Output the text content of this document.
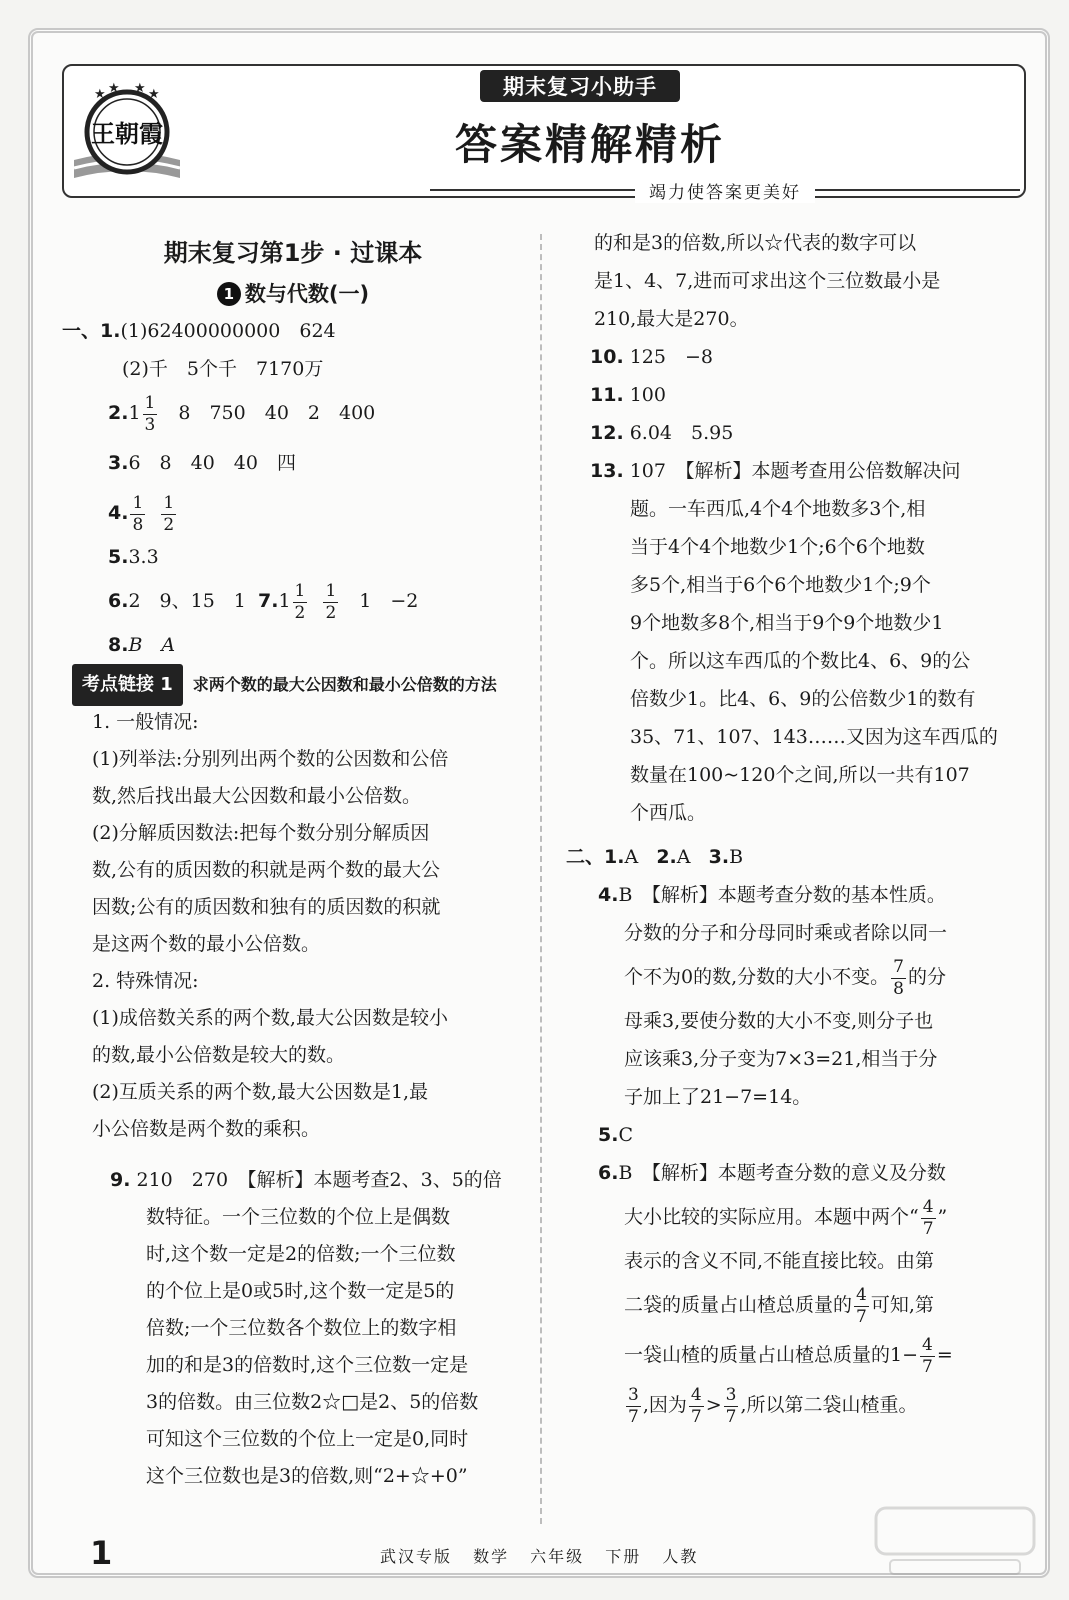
★ ★ ★ ★
王朝霞
期末复习小助手
答案精解精析
竭力使答案更美好
期末复习第1步 · 过课本
1 数与代数(一)
一、1.(1)62400000000　624
(2)千　5个千　7170万
$2.1 \frac{1}{3}$ 　8　750　40　2　400
3.6　8　40　40　四
4. $\frac{1}{8}$
$\frac{1}{2}$
5.3.3
6.2　9、15　1 $7.1 \frac{1}{2}$
$\frac{1}{2}$ 　1　−2
8.B　A
考点链接 1	求两个数的最大公因数和最小公倍数的方法
1. 一般情况:
(1)列举法:分别列出两个数的公因数和公倍
数,然后找出最大公因数和最小公倍数。
(2)分解质因数法:把每个数分别分解质因
数,公有的质因数的积就是两个数的最大公
因数;公有的质因数和独有的质因数的积就
是这两个数的最小公倍数。
2. 特殊情况:
(1)成倍数关系的两个数,最大公因数是较小
的数,最小公倍数是较大的数。
(2)互质关系的两个数,最大公因数是1,最
小公倍数是两个数的乘积。
9. 210　270　【解析】本题考查2、3、5的倍
数特征。一个三位数的个位上是偶数
时,这个数一定是2的倍数;一个三位数
的个位上是0或5时,这个数一定是5的
倍数;一个三位数各个数位上的数字相
加的和是3的倍数时,这个三位数一定是
3的倍数。由三位数2☆□是2、5的倍数
可知这个三位数的个位上一定是0,同时
这个三位数也是3的倍数,则“2+☆+0”
的和是3的倍数,所以☆代表的数字可以
是1、4、7,进而可求出这个三位数最小是
210,最大是270。
10. 125　−8
11. 100
12. 6.04　5.95
13. 107　【解析】本题考查用公倍数解决问
题。一车西瓜,4个4个地数多3个,相
当于4个4个地数少1个;6个6个地数
多5个,相当于6个6个地数少1个;9个
9个地数多8个,相当于9个9个地数少1
个。所以这车西瓜的个数比4、6、9的公
倍数少1。比4、6、9的公倍数少1的数有
35、71、107、143……又因为这车西瓜的
数量在100~120个之间,所以一共有107
个西瓜。
二、1.A 2.A 3.B
4.B　【解析】本题考查分数的基本性质。
分数的分子和分母同时乘或者除以同一
个不为0的数,分数的大小不变。 $\frac{7}{8}$ 的分
母乘3,要使分数的大小不变,则分子也
应该乘3,分子变为7×3=21,相当于分
子加上了21−7=14。
5.C
6.B　【解析】本题考查分数的意义及分数
大小比较的实际应用。本题中两个“ $\frac{4}{7}$ ”
表示的含义不同,不能直接比较。由第
二袋的质量占山楂总质量的 $\frac{4}{7}$ 可知,第
一袋山楂的质量占山楂总质量的$1- \frac{4}{7}$ =
$\frac{3}{7}$ ,因为 $\frac{4}{7} > \frac{3}{7}$ ,所以第二袋山楂重。
1	武汉专版 数学 六年级 下册 人教
